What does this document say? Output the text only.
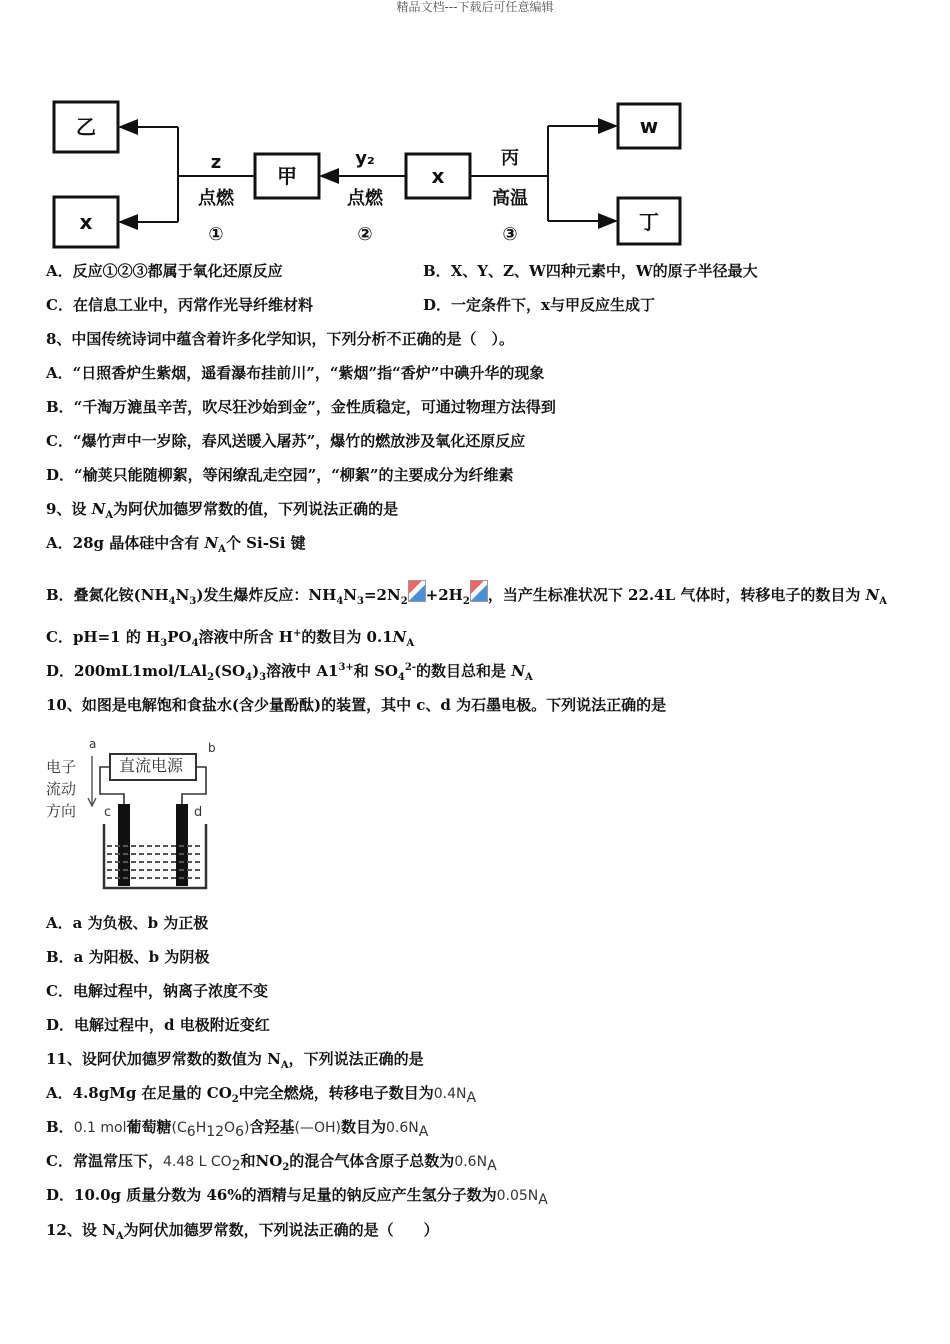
精品文档---下载后可任意编辑
乙
x
甲	x
w
丁
z
点燃
①
y₂
点燃
②
丙
高温
③
A．反应①②③都属于氧化还原反应	B．X、Y、Z、W四种元素中，W的原子半径最大
C．在信息工业中，丙常作光导纤维材料	D．一定条件下，x与甲反应生成丁
8、中国传统诗词中蕴含着许多化学知识，下列分析不正确的是（　）。
A．“日照香炉生紫烟，遥看瀑布挂前川”，“紫烟”指“香炉”中碘升华的现象
B．“千淘万漉虽辛苦，吹尽狂沙始到金”，金性质稳定，可通过物理方法得到
C．“爆竹声中一岁除，春风送暖入屠苏”，爆竹的燃放涉及氧化还原反应
D．“榆荚只能随柳絮，等闲缭乱走空园”，“柳絮”的主要成分为纤维素
9、设 $N_A$为阿伏加德罗常数的值，下列说法正确的是
A．28g 晶体硅中含有 $N_A$个 Si-Si 键
B．叠氮化铵$(NH_4N_3)$发生爆炸反应：$NH_4N_3=2N_2 +2H_2$ ，当产生标准状况下 22.4L 气体时，转移电子的数目为 $N_A$
C．pH=1 的 $H_3PO_4$溶液中所含 H+的数目为 $0.1N_A$
D．$200mL1mol/LAl_2(SO_4)_3$溶液中 $A1^{3+}$和 $SO_4^{2-}$的数目总和是 $N_A$
10、如图是电解饱和食盐水(含少量酚酞)的装置，其中 c、d 为石墨电极。下列说法正确的是
电子
流动
方向
a	b
c	d
直流电源
A．a 为负极、b 为正极
B．a 为阳极、b 为阴极
C．电解过程中，钠离子浓度不变
D．电解过程中，d 电极附近变红
11、设阿伏加德罗常数的数值为 $N_A$，下列说法正确的是
A．4.8gMg 在足量的 $CO_2$中完全燃烧，转移电子数目为$0.4N_A$
B．0.1 mol葡萄糖$(C_6H_{12}O_6)$含羟基(—OH)数目为$0.6N_A$
C．常温常压下，4.48 L $CO_2$和$NO_2$的混合气体含原子总数为$0.6N_A$
D．10.0g 质量分数为 46%的酒精与足量的钠反应产生氢分子数为$0.05N_A$
12、设 $N_A$为阿伏加德罗常数，下列说法正确的是（　　）
